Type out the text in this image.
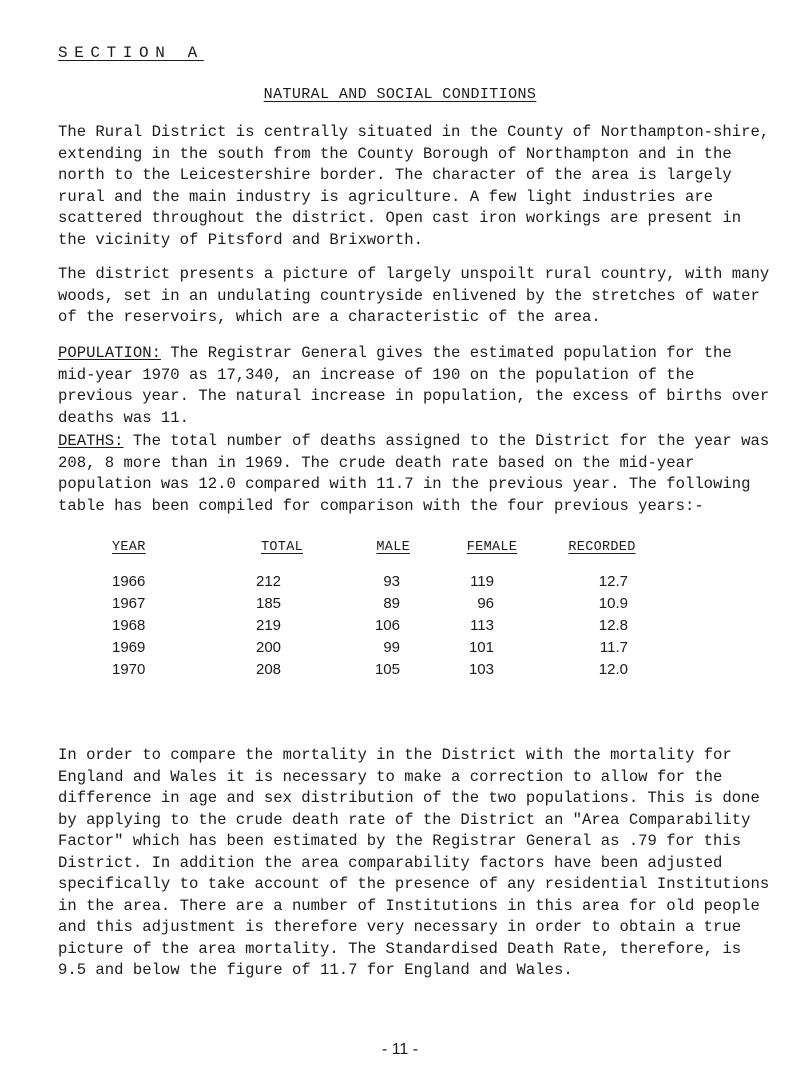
SECTION A
NATURAL AND SOCIAL CONDITIONS

The Rural District is centrally situated in the County of Northampton-shire, extending in the south from the County Borough of Northampton and in the north to the Leicestershire border. The character of the area is largely rural and the main industry is agriculture. A few light industries are scattered throughout the district. Open cast iron workings are present in the vicinity of Pitsford and Brixworth.

The district presents a picture of largely unspoilt rural country, with many woods, set in an undulating countryside enlivened by the stretches of water of the reservoirs, which are a characteristic of the area.

POPULATION: The Registrar General gives the estimated population for the mid-year 1970 as 17,340, an increase of 190 on the population of the previous year. The natural increase in population, the excess of births over deaths was 11.

DEATHS: The total number of deaths assigned to the District for the year was 208, 8 more than in 1969. The crude death rate based on the mid-year population was 12.0 compared with 11.7 in the previous year. The following table has been compiled for comparison with the four previous years:-

YEAR	TOTAL	MALE	FEMALE	RECORDED
1966	212	93	119	12.7
1967	185	89	96	10.9
1968	219	106	113	12.8
1969	200	99	101	11.7
1970	208	105	103	12.0

In order to compare the mortality in the District with the mortality for England and Wales it is necessary to make a correction to allow for the difference in age and sex distribution of the two populations. This is done by applying to the crude death rate of the District an "Area Comparability Factor" which has been estimated by the Registrar General as .79 for this District. In addition the area comparability factors have been adjusted specifically to take account of the presence of any residential Institutions in the area. There are a number of Institutions in this area for old people and this adjustment is therefore very necessary in order to obtain a true picture of the area mortality. The Standardised Death Rate, therefore, is 9.5 and below the figure of 11.7 for England and Wales.

- 11 -
